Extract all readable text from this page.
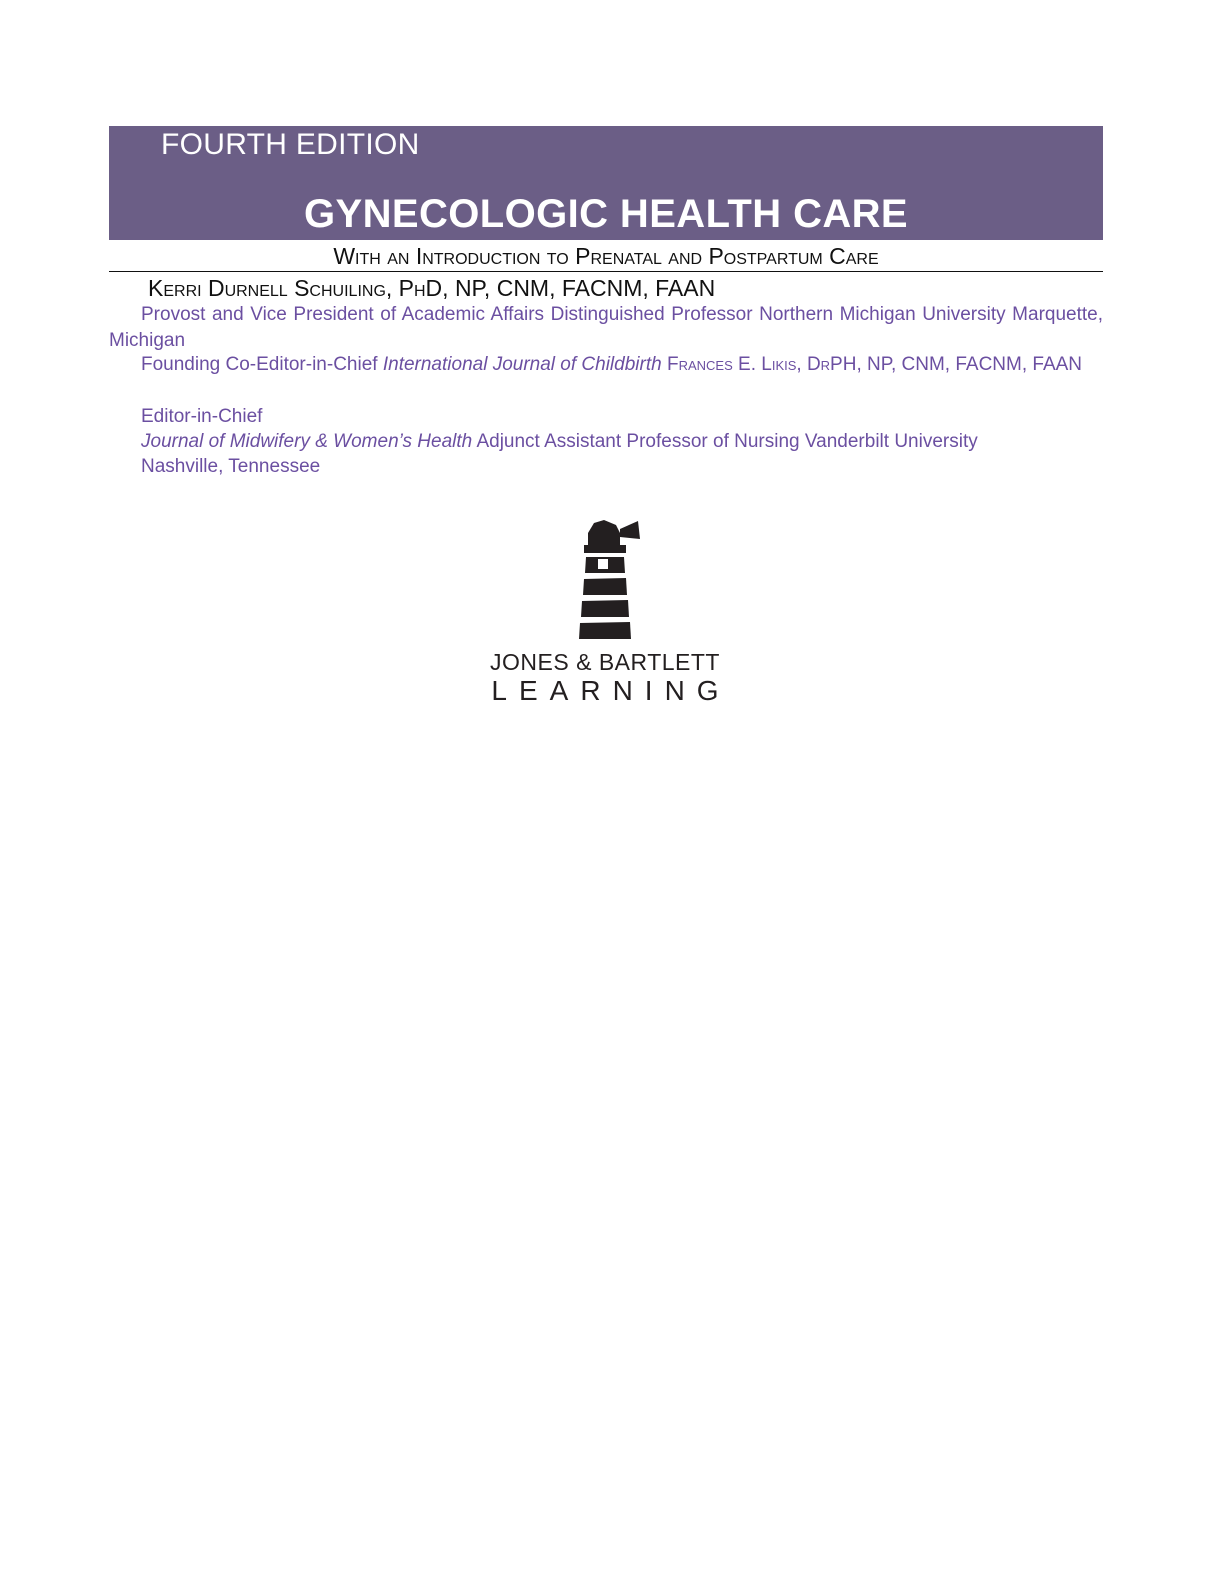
FOURTH EDITION
GYNECOLOGIC HEALTH CARE
With an Introduction to Prenatal and Postpartum Care
Kerri Durnell Schuiling, PhD, NP, CNM, FACNM, FAAN
Provost and Vice President of Academic Affairs Distinguished Professor Northern Michigan University Marquette, Michigan
Founding Co-Editor-in-Chief International Journal of Childbirth Frances E. Likis, DrPH, NP, CNM, FACNM, FAAN
Editor-in-Chief
Journal of Midwifery & Women’s Health Adjunct Assistant Professor of Nursing Vanderbilt University
Nashville, Tennessee
JONES & BARTLETT
LEARNING
